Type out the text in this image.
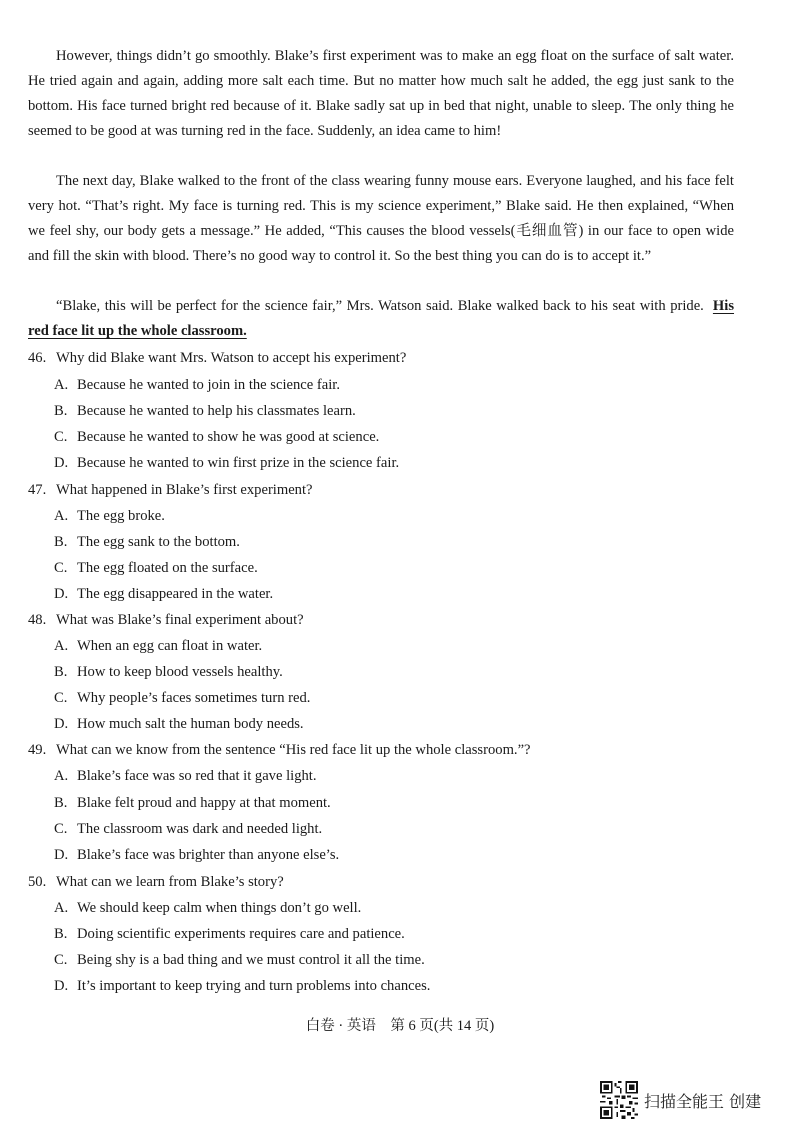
However, things didn’t go smoothly. Blake’s first experiment was to make an egg float on the surface of salt water. He tried again and again, adding more salt each time. But no matter how much salt he added, the egg just sank to the bottom. His face turned bright red because of it. Blake sadly sat up in bed that night, unable to sleep. The only thing he seemed to be good at was turning red in the face. Suddenly, an idea came to him!

The next day, Blake walked to the front of the class wearing funny mouse ears. Everyone laughed, and his face felt very hot. “That’s right. My face is turning red. This is my science experiment,” Blake said. He then explained, “When we feel shy, our body gets a message.” He added, “This causes the blood vessels(毛细血管) in our face to open wide and fill the skin with blood. There’s no good way to control it. So the best thing you can do is to accept it.”

“Blake, this will be perfect for the science fair,” Mrs. Watson said. Blake walked back to his seat with pride. His red face lit up the whole classroom.

46. Why did Blake want Mrs. Watson to accept his experiment?
A. Because he wanted to join in the science fair.
B. Because he wanted to help his classmates learn.
C. Because he wanted to show he was good at science.
D. Because he wanted to win first prize in the science fair.
47. What happened in Blake’s first experiment?
A. The egg broke.
B. The egg sank to the bottom.
C. The egg floated on the surface.
D. The egg disappeared in the water.
48. What was Blake’s final experiment about?
A. When an egg can float in water.
B. How to keep blood vessels healthy.
C. Why people’s faces sometimes turn red.
D. How much salt the human body needs.
49. What can we know from the sentence “His red face lit up the whole classroom.”?
A. Blake’s face was so red that it gave light.
B. Blake felt proud and happy at that moment.
C. The classroom was dark and needed light.
D. Blake’s face was brighter than anyone else’s.
50. What can we learn from Blake’s story?
A. We should keep calm when things don’t go well.
B. Doing scientific experiments requires care and patience.
C. Being shy is a bad thing and we must control it all the time.
D. It’s important to keep trying and turn problems into chances.
白卷 · 英语　第 6 页(共 14 页)
扫描全能王 创建
